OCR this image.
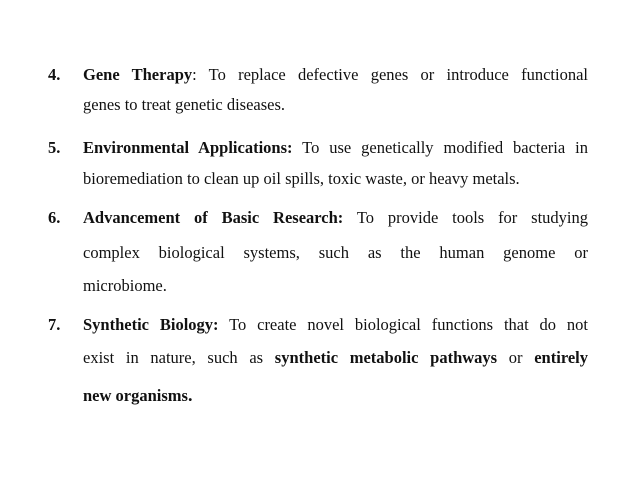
4. Gene Therapy: To replace defective genes or introduce functional
genes to treat genetic diseases.
5. Environmental Applications: To use genetically modified bacteria in
bioremediation to clean up oil spills, toxic waste, or heavy metals.
6. Advancement of Basic Research: To provide tools for studying
complex biological systems, such as the human genome or
microbiome.
7. Synthetic Biology: To create novel biological functions that do not
exist in nature, such as synthetic metabolic pathways or entirely
new organisms.
